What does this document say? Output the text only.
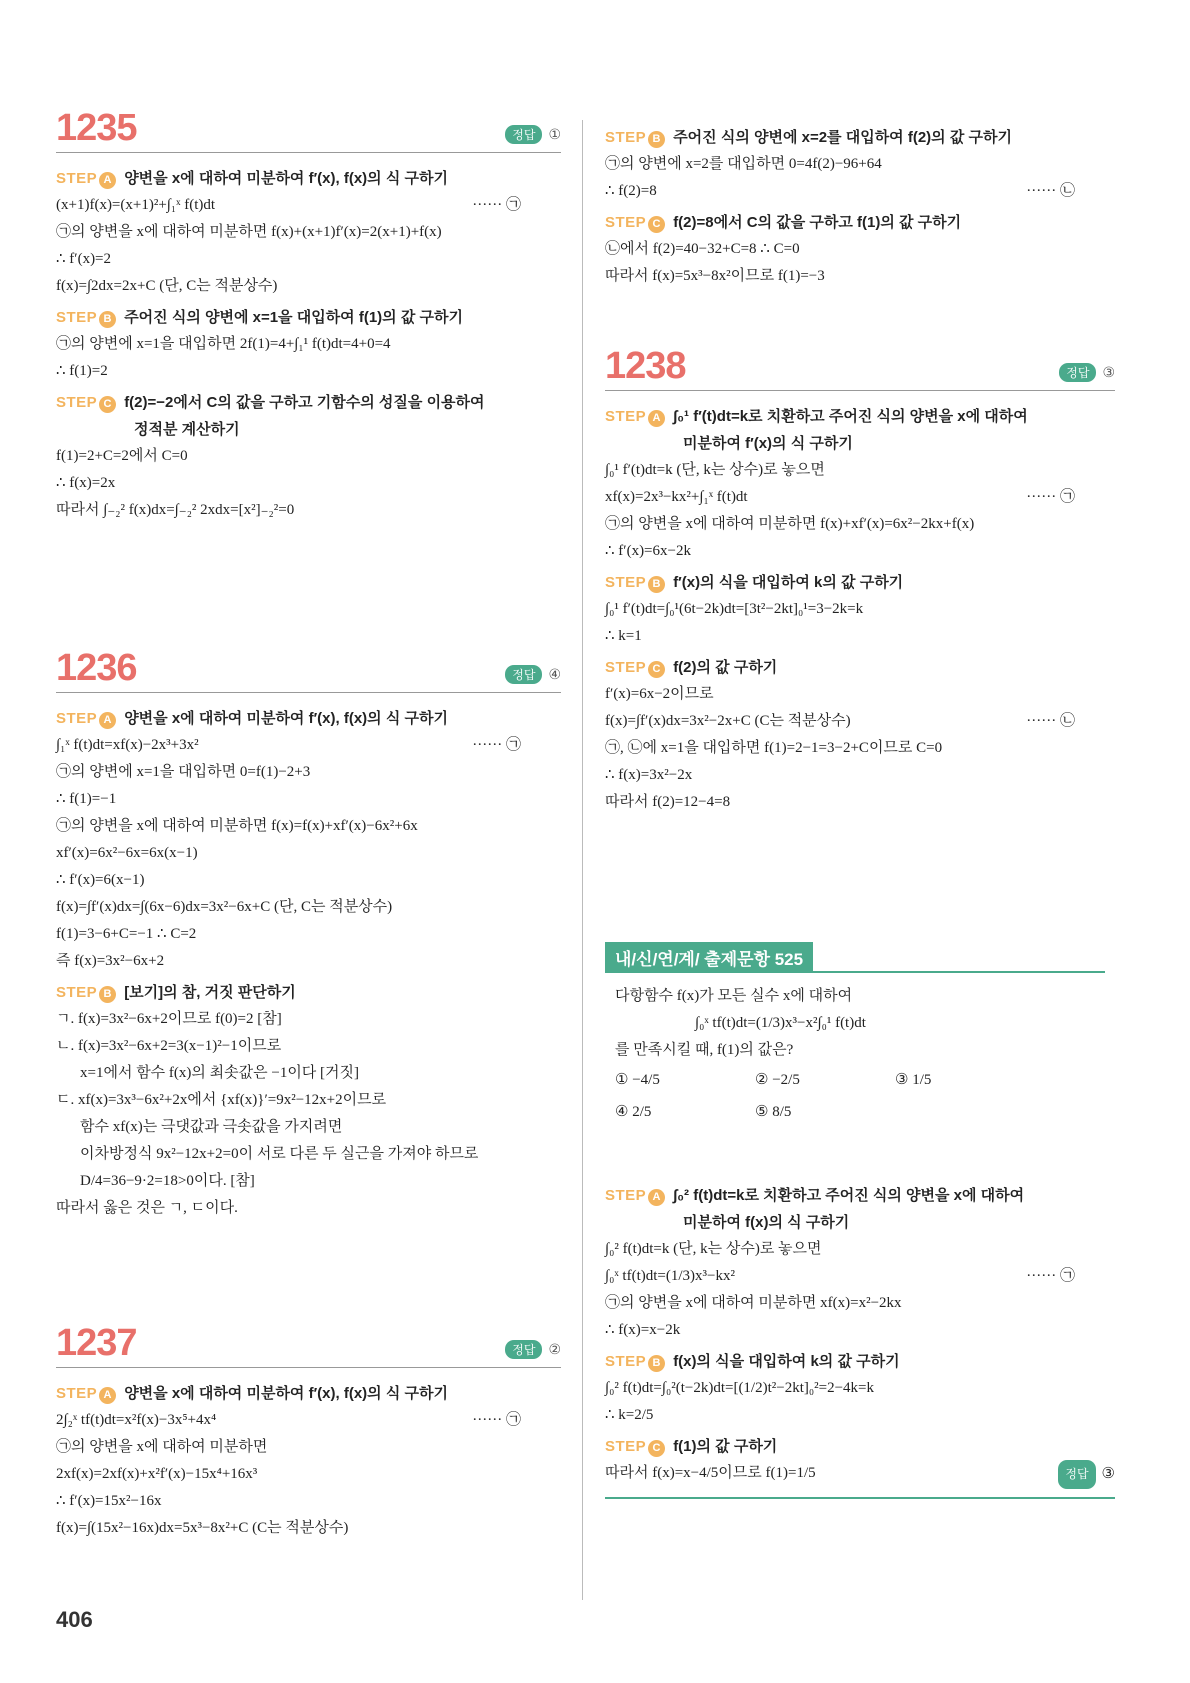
1235	정답 ①
STEP A 양변을 x에 대하여 미분하여 f′(x), f(x)의 식 구하기
(x+1)f(x)=(x+1)²+∫₁ˣ f(t)dt	······ ㉠
㉠의 양변을 x에 대하여 미분하면 f(x)+(x+1)f′(x)=2(x+1)+f(x)
∴ f′(x)=2
f(x)=∫2dx=2x+C (단, C는 적분상수)
STEP B 주어진 식의 양변에 x=1을 대입하여 f(1)의 값 구하기
㉠의 양변에 x=1을 대입하면 2f(1)=4+∫₁¹ f(t)dt=4+0=4
∴ f(1)=2
STEP C f(2)=−2에서 C의 값을 구하고 기함수의 성질을 이용하여
정적분 계산하기
f(1)=2+C=2에서 C=0
∴ f(x)=2x
따라서 ∫₋₂² f(x)dx=∫₋₂² 2xdx=[x²]₋₂²=0
1236	정답 ④
STEP A 양변을 x에 대하여 미분하여 f′(x), f(x)의 식 구하기
∫₁ˣ f(t)dt=xf(x)−2x³+3x²	······ ㉠
㉠의 양변에 x=1을 대입하면 0=f(1)−2+3
∴ f(1)=−1
㉠의 양변을 x에 대하여 미분하면 f(x)=f(x)+xf′(x)−6x²+6x
xf′(x)=6x²−6x=6x(x−1)
∴ f′(x)=6(x−1)
f(x)=∫f′(x)dx=∫(6x−6)dx=3x²−6x+C (단, C는 적분상수)
f(1)=3−6+C=−1 ∴ C=2
즉 f(x)=3x²−6x+2
STEP B [보기]의 참, 거짓 판단하기
ㄱ. f(x)=3x²−6x+2이므로 f(0)=2 [참]
ㄴ. f(x)=3x²−6x+2=3(x−1)²−1이므로
x=1에서 함수 f(x)의 최솟값은 −1이다 [거짓]
ㄷ. xf(x)=3x³−6x²+2x에서 {xf(x)}′=9x²−12x+2이므로
함수 xf(x)는 극댓값과 극솟값을 가지려면
이차방정식 9x²−12x+2=0이 서로 다른 두 실근을 가져야 하므로
D/4=36−9·2=18>0이다. [참]
따라서 옳은 것은 ㄱ, ㄷ이다.
1237	정답 ②
STEP A 양변을 x에 대하여 미분하여 f′(x), f(x)의 식 구하기
2∫₂ˣ tf(t)dt=x²f(x)−3x⁵+4x⁴	······ ㉠
㉠의 양변을 x에 대하여 미분하면
2xf(x)=2xf(x)+x²f′(x)−15x⁴+16x³
∴ f′(x)=15x²−16x
f(x)=∫(15x²−16x)dx=5x³−8x²+C (C는 적분상수)
STEP B 주어진 식의 양변에 x=2를 대입하여 f(2)의 값 구하기
㉠의 양변에 x=2를 대입하면 0=4f(2)−96+64
∴ f(2)=8	······ ㉡
STEP C f(2)=8에서 C의 값을 구하고 f(1)의 값 구하기
㉡에서 f(2)=40−32+C=8 ∴ C=0
따라서 f(x)=5x³−8x²이므로 f(1)=−3
1238	정답 ③
STEP A ∫₀¹ f′(t)dt=k로 치환하고 주어진 식의 양변을 x에 대하여
미분하여 f′(x)의 식 구하기
∫₀¹ f′(t)dt=k (단, k는 상수)로 놓으면
xf(x)=2x³−kx²+∫₁ˣ f(t)dt	······ ㉠
㉠의 양변을 x에 대하여 미분하면 f(x)+xf′(x)=6x²−2kx+f(x)
∴ f′(x)=6x−2k
STEP B f′(x)의 식을 대입하여 k의 값 구하기
∫₀¹ f′(t)dt=∫₀¹(6t−2k)dt=[3t²−2kt]₀¹=3−2k=k
∴ k=1
STEP C f(2)의 값 구하기
f′(x)=6x−2이므로
f(x)=∫f′(x)dx=3x²−2x+C (C는 적분상수)	······ ㉡
㉠, ㉡에 x=1을 대입하면 f(1)=2−1=3−2+C이므로 C=0
∴ f(x)=3x²−2x
따라서 f(2)=12−4=8
내/신/연/계/ 출제문항 525
다항함수 f(x)가 모든 실수 x에 대하여
∫₀ˣ tf(t)dt=(1/3)x³−x²∫₀¹ f(t)dt
를 만족시킬 때, f(1)의 값은?
① −4/5	② −2/5	③ 1/5
④ 2/5	⑤ 8/5
STEP A ∫₀² f(t)dt=k로 치환하고 주어진 식의 양변을 x에 대하여
미분하여 f(x)의 식 구하기
∫₀² f(t)dt=k (단, k는 상수)로 놓으면
∫₀ˣ tf(t)dt=(1/3)x³−kx²	······ ㉠
㉠의 양변을 x에 대하여 미분하면 xf(x)=x²−2kx
∴ f(x)=x−2k
STEP B f(x)의 식을 대입하여 k의 값 구하기
∫₀² f(t)dt=∫₀²(t−2k)dt=[(1/2)t²−2kt]₀²=2−4k=k
∴ k=2/5
STEP C f(1)의 값 구하기
따라서 f(x)=x−4/5이므로 f(1)=1/5	정답 ③
406
